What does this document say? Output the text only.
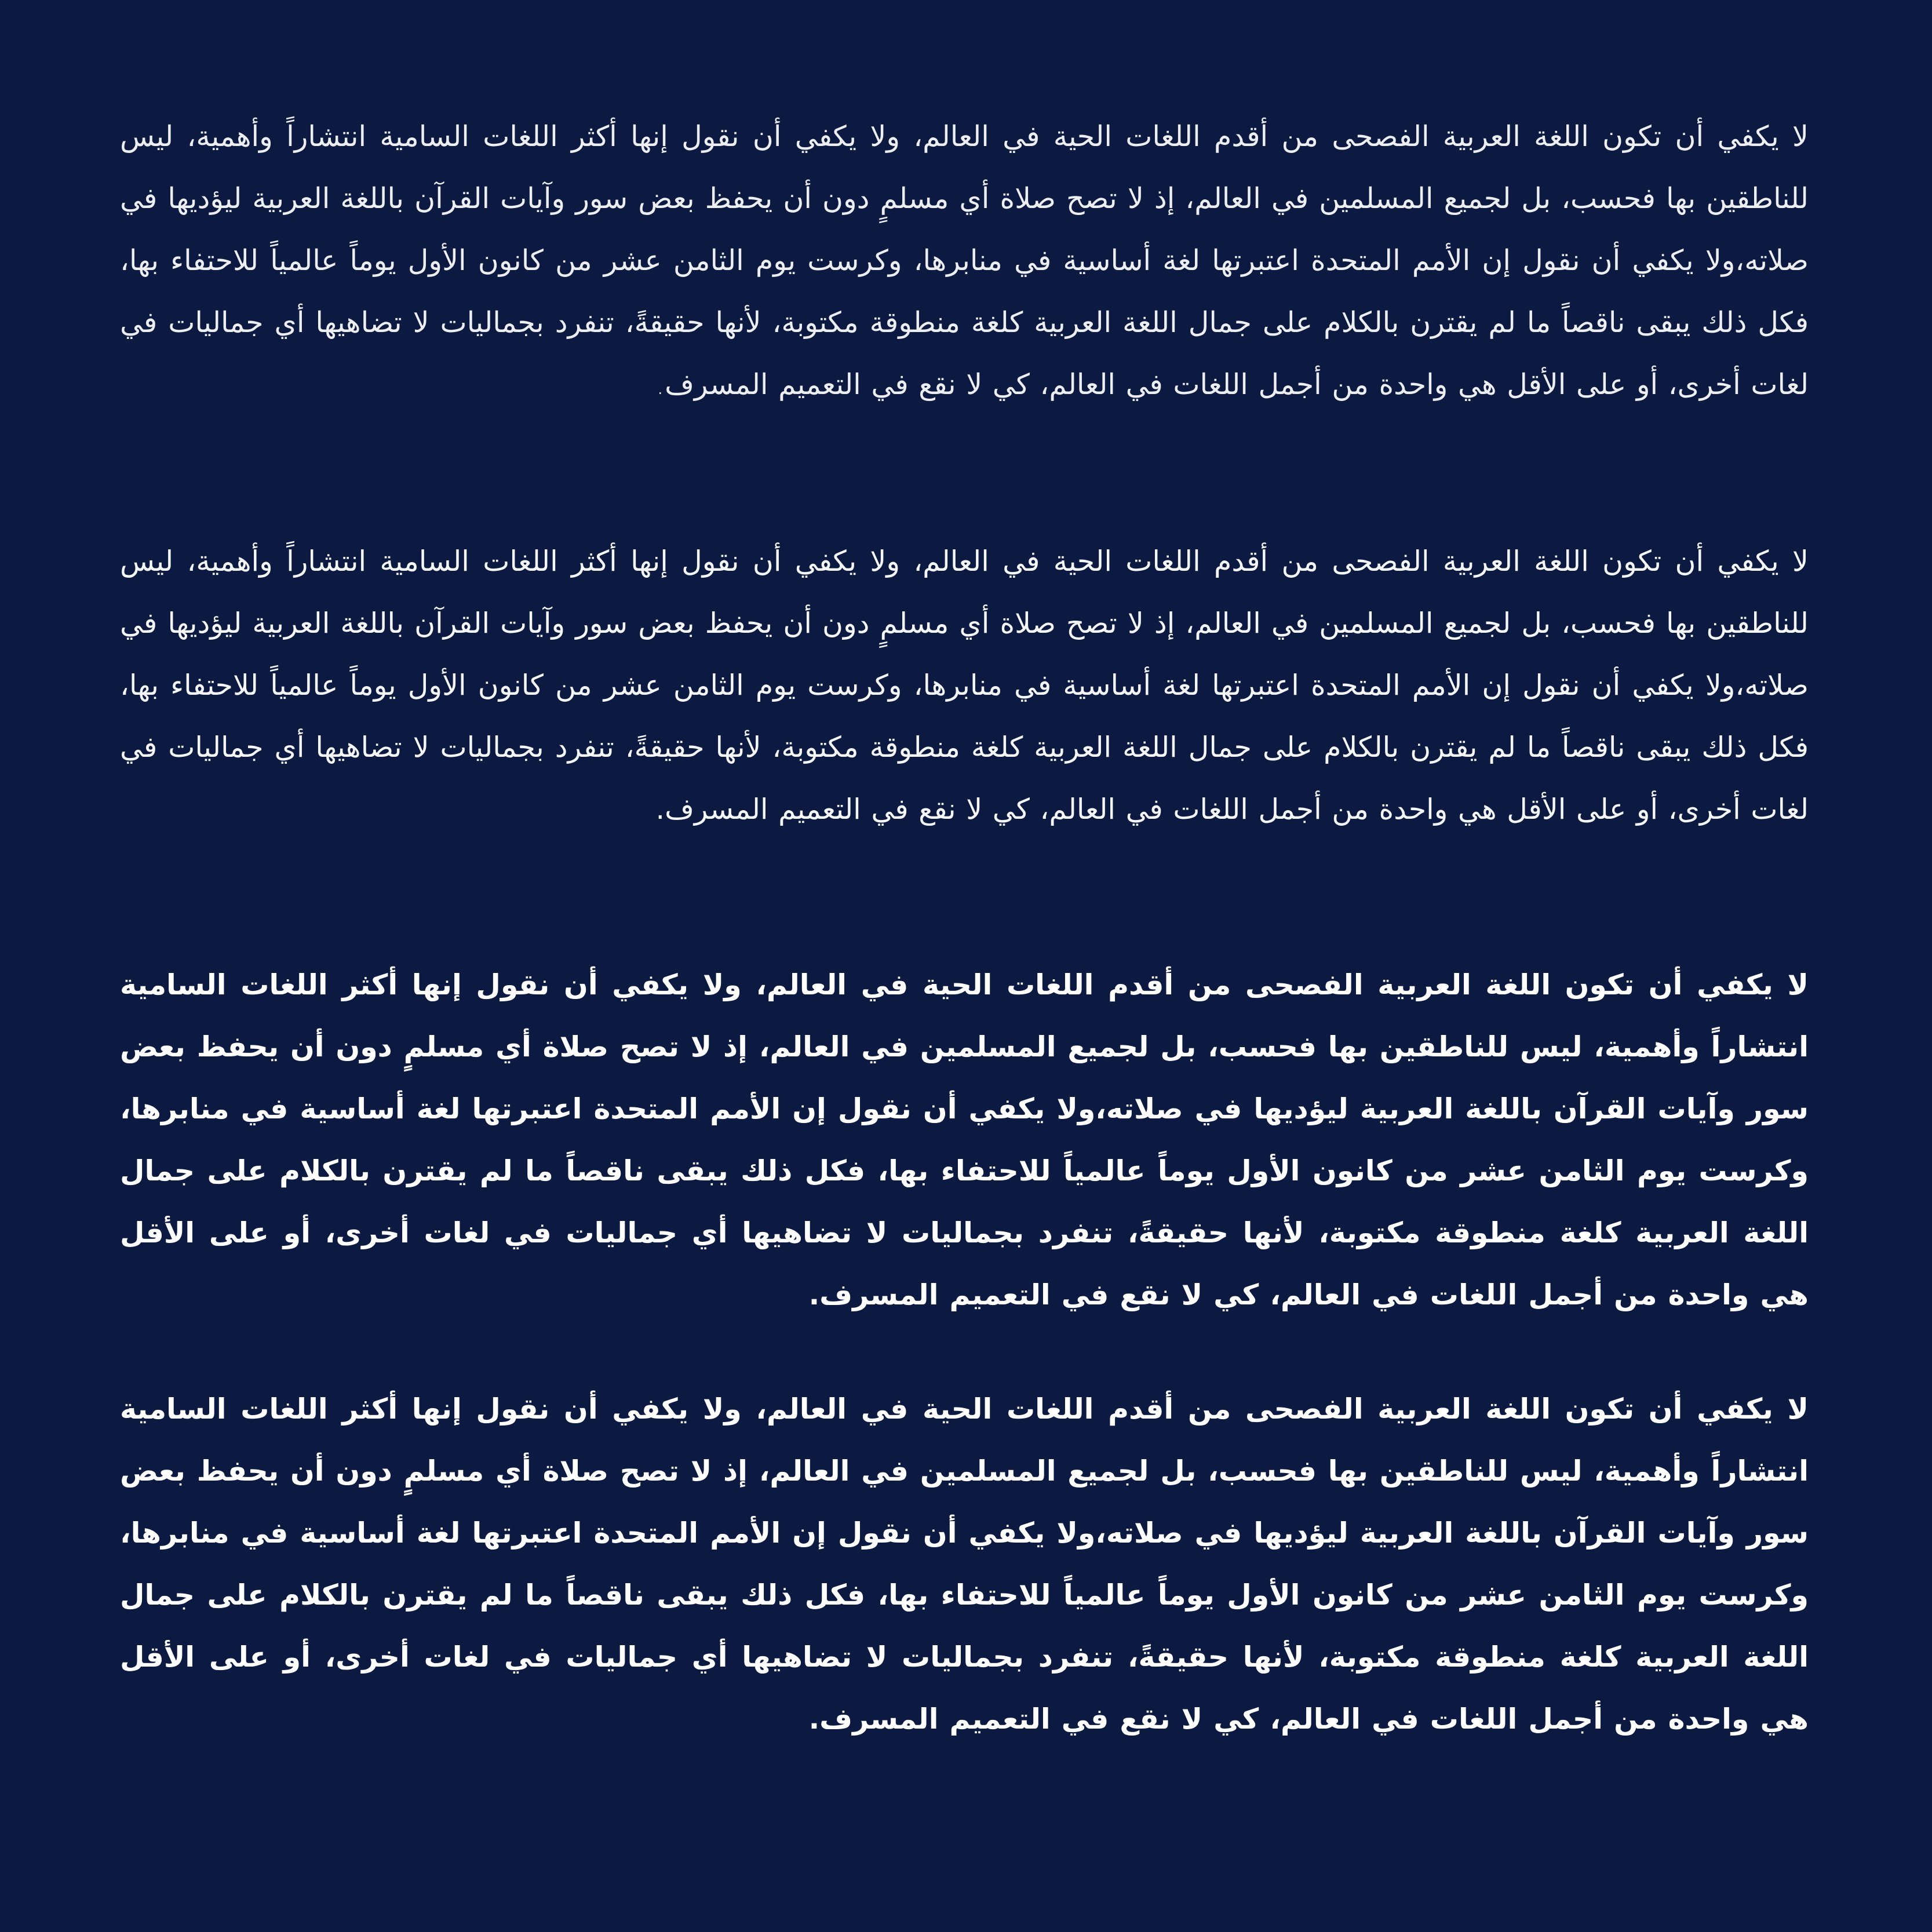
لا يكفي أن تكون اللغة العربية الفصحى من أقدم اللغات الحية في العالم، ولا يكفي أن نقول إنها أكثر اللغات السامية انتشاراً وأهمية، ليس للناطقين بها فحسب، بل لجميع المسلمين في العالم، إذ لا تصح صلاة أي مسلمٍ دون أن يحفظ بعض سور وآيات القرآن باللغة العربية ليؤديها في صلاته،ولا يكفي أن نقول إن الأمم المتحدة اعتبرتها لغة أساسية في منابرها، وكرست يوم الثامن عشر من كانون الأول يوماً عالمياً للاحتفاء بها، فكل ذلك يبقى ناقصاً ما لم يقترن بالكلام على جمال اللغة العربية كلغة منطوقة مكتوبة، لأنها حقيقةً، تنفرد بجماليات لا تضاهيها أي جماليات في لغات أخرى، أو على الأقل هي واحدة من أجمل اللغات في العالم، كي لا نقع في التعميم المسرف.

لا يكفي أن تكون اللغة العربية الفصحى من أقدم اللغات الحية في العالم، ولا يكفي أن نقول إنها أكثر اللغات السامية انتشاراً وأهمية، ليس للناطقين بها فحسب، بل لجميع المسلمين في العالم، إذ لا تصح صلاة أي مسلمٍ دون أن يحفظ بعض سور وآيات القرآن باللغة العربية ليؤديها في صلاته،ولا يكفي أن نقول إن الأمم المتحدة اعتبرتها لغة أساسية في منابرها، وكرست يوم الثامن عشر من كانون الأول يوماً عالمياً للاحتفاء بها، فكل ذلك يبقى ناقصاً ما لم يقترن بالكلام على جمال اللغة العربية كلغة منطوقة مكتوبة، لأنها حقيقةً، تنفرد بجماليات لا تضاهيها أي جماليات في لغات أخرى، أو على الأقل هي واحدة من أجمل اللغات في العالم، كي لا نقع في التعميم المسرف.

لا يكفي أن تكون اللغة العربية الفصحى من أقدم اللغات الحية في العالم، ولا يكفي أن نقول إنها أكثر اللغات السامية انتشاراً وأهمية، ليس للناطقين بها فحسب، بل لجميع المسلمين في العالم، إذ لا تصح صلاة أي مسلمٍ دون أن يحفظ بعض سور وآيات القرآن باللغة العربية ليؤديها في صلاته،ولا يكفي أن نقول إن الأمم المتحدة اعتبرتها لغة أساسية في منابرها، وكرست يوم الثامن عشر من كانون الأول يوماً عالمياً للاحتفاء بها، فكل ذلك يبقى ناقصاً ما لم يقترن بالكلام على جمال اللغة العربية كلغة منطوقة مكتوبة، لأنها حقيقةً، تنفرد بجماليات لا تضاهيها أي جماليات في لغات أخرى، أو على الأقل هي واحدة من أجمل اللغات في العالم، كي لا نقع في التعميم المسرف.

لا يكفي أن تكون اللغة العربية الفصحى من أقدم اللغات الحية في العالم، ولا يكفي أن نقول إنها أكثر اللغات السامية انتشاراً وأهمية، ليس للناطقين بها فحسب، بل لجميع المسلمين في العالم، إذ لا تصح صلاة أي مسلمٍ دون أن يحفظ بعض سور وآيات القرآن باللغة العربية ليؤديها في صلاته،ولا يكفي أن نقول إن الأمم المتحدة اعتبرتها لغة أساسية في منابرها، وكرست يوم الثامن عشر من كانون الأول يوماً عالمياً للاحتفاء بها، فكل ذلك يبقى ناقصاً ما لم يقترن بالكلام على جمال اللغة العربية كلغة منطوقة مكتوبة، لأنها حقيقةً، تنفرد بجماليات لا تضاهيها أي جماليات في لغات أخرى، أو على الأقل هي واحدة من أجمل اللغات في العالم، كي لا نقع في التعميم المسرف.
